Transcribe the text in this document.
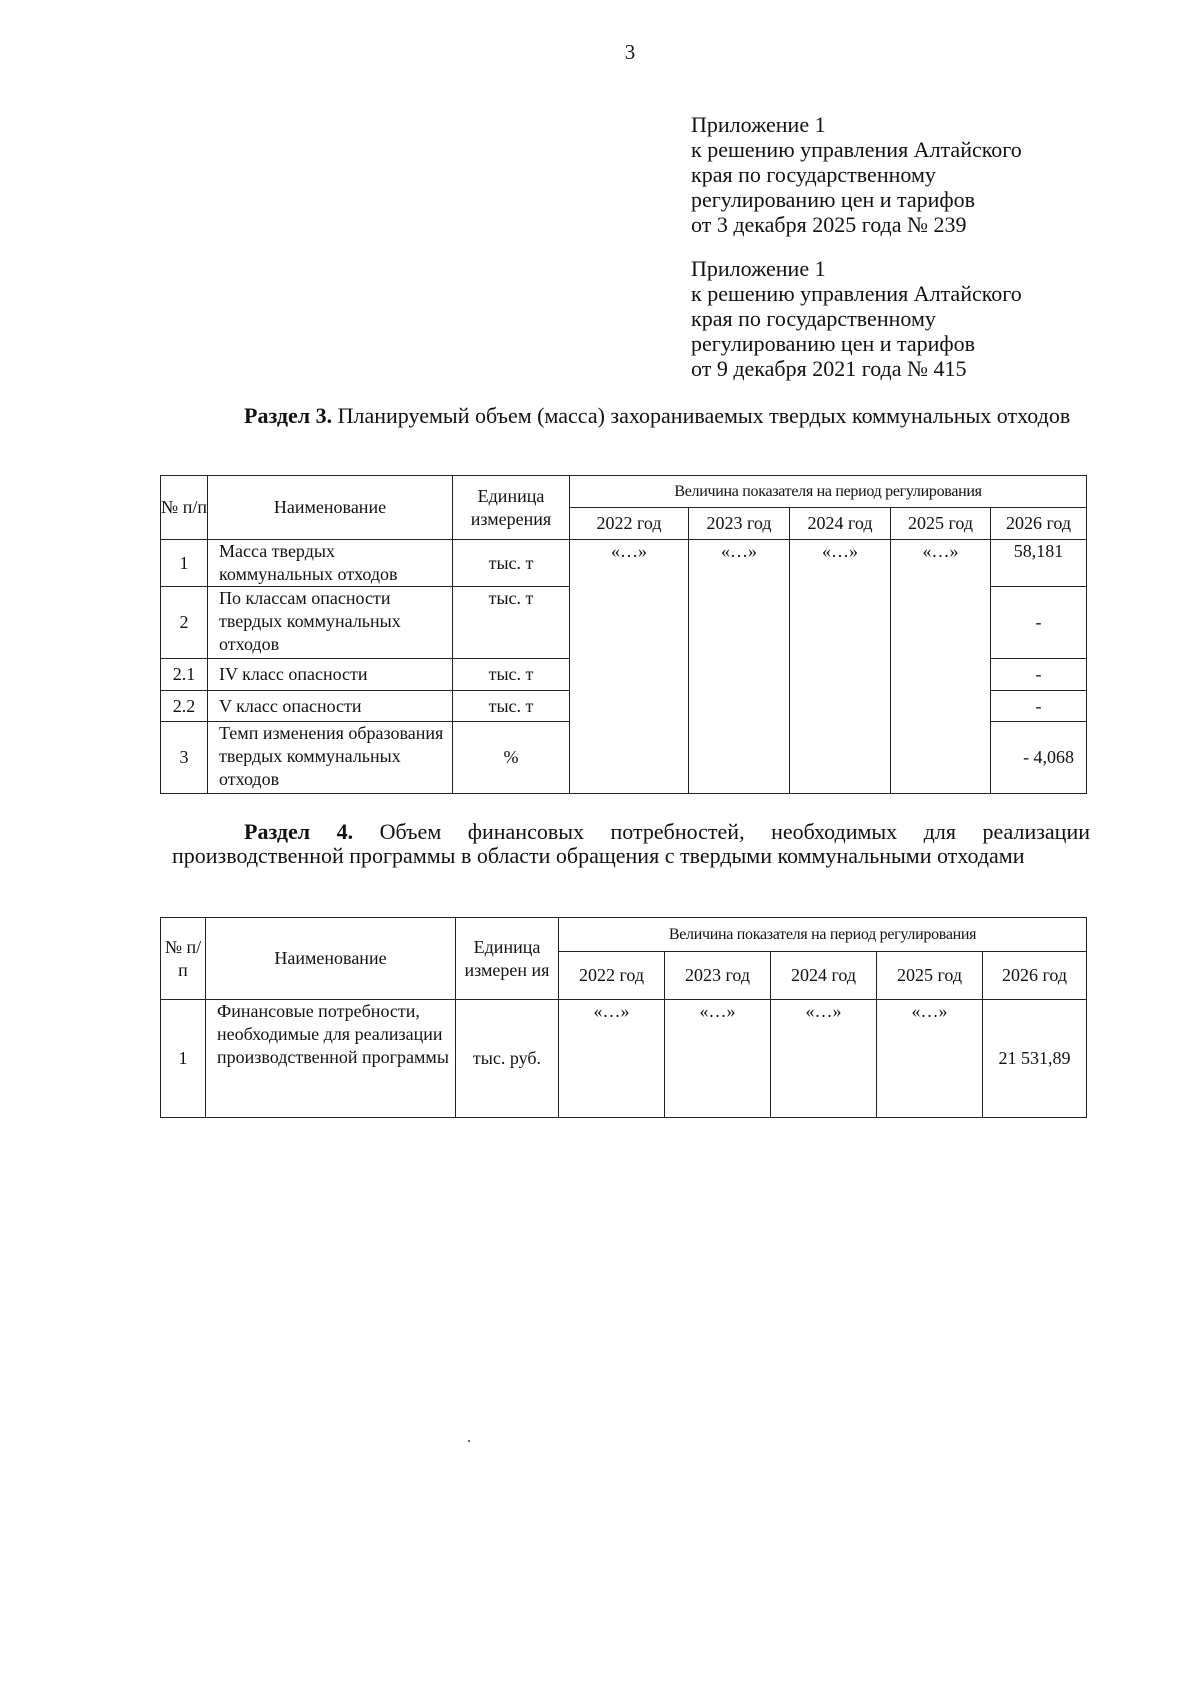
3
Приложение 1
к решению управления Алтайского
края по государственному
регулированию цен и тарифов
от 3 декабря 2025 года № 239
Приложение 1
к решению управления Алтайского
края по государственному
регулированию цен и тарифов
от 9 декабря 2021 года № 415
Раздел 3. Планируемый объем (масса) захораниваемых твердых коммунальных отходов
№ п/п	Наименование	Единица измерения	Величина показателя на период регулирования				
			2022 год	2023 год	2024 год	2025 год	2026 год
1	Масса твердых коммунальных отходов	тыс. т	«…»	«…»	«…»	«…»	58,181
2	По классам опасности твердых коммунальных отходов	тыс. т					-
2.1	IV класс опасности	тыс. т					-
2.2	V класс опасности	тыс. т					-
3	Темп изменения образования твердых коммунальных отходов	%					- 4,068
Раздел 4. Объем финансовых потребностей, необходимых для реализации производственной программы в области обращения с твердыми коммунальными отходами
№ п/ п	Наименование	Единица измерен ия	Величина показателя на период регулирования				
			2022 год	2023 год	2024 год	2025 год	2026 год
1	Финансовые потребности, необходимые для реализации производственной программы	тыс. руб.	«…»	«…»	«…»	«…»	21 531,89
